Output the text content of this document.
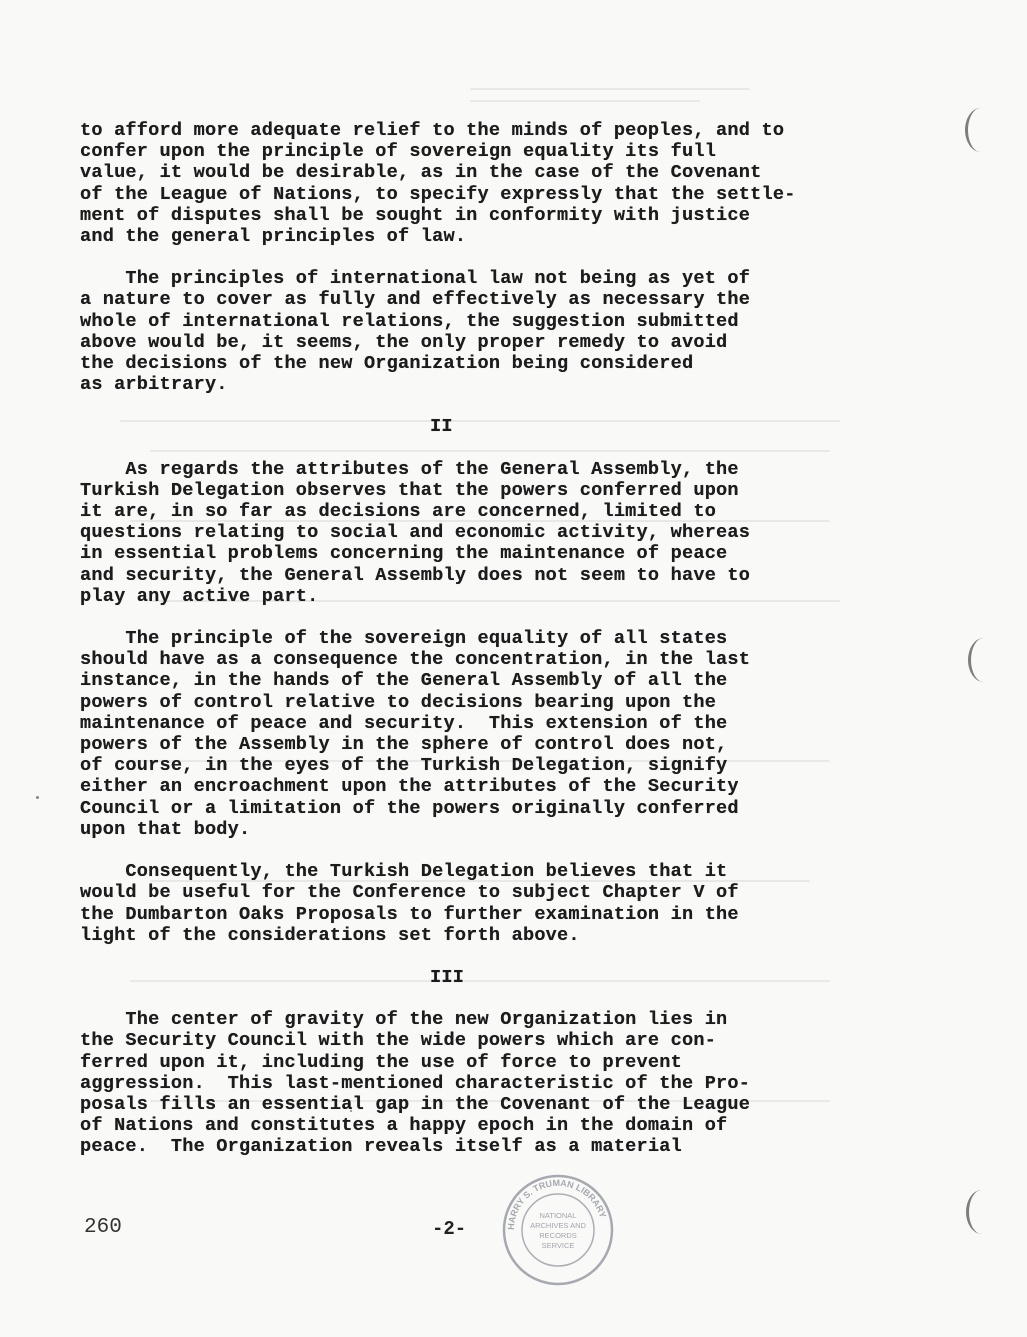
to afford more adequate relief to the minds of peoples, and to
confer upon the principle of sovereign equality its full
value, it would be desirable, as in the case of the Covenant
of the League of Nations, to specify expressly that the settle-
ment of disputes shall be sought in conformity with justice
and the general principles of law.
The principles of international law not being as yet of
a nature to cover as fully and effectively as necessary the
whole of international relations, the suggestion submitted
above would be, it seems, the only proper remedy to avoid
the decisions of the new Organization being considered
as arbitrary.
II
As regards the attributes of the General Assembly, the
Turkish Delegation observes that the powers conferred upon
it are, in so far as decisions are concerned, limited to
questions relating to social and economic activity, whereas
in essential problems concerning the maintenance of peace
and security, the General Assembly does not seem to have to
play any active part.
The principle of the sovereign equality of all states
should have as a consequence the concentration, in the last
instance, in the hands of the General Assembly of all the
powers of control relative to decisions bearing upon the
maintenance of peace and security.  This extension of the
powers of the Assembly in the sphere of control does not,
of course, in the eyes of the Turkish Delegation, signify
either an encroachment upon the attributes of the Security
Council or a limitation of the powers originally conferred
upon that body.
Consequently, the Turkish Delegation believes that it
would be useful for the Conference to subject Chapter V of
the Dumbarton Oaks Proposals to further examination in the
light of the considerations set forth above.
III
The center of gravity of the new Organization lies in
the Security Council with the wide powers which are con-
ferred upon it, including the use of force to prevent
aggression.  This last-mentioned characteristic of the Pro-
posals fills an essential gap in the Covenant of the League
of Nations and constitutes a happy epoch in the domain of
peace.  The Organization reveals itself as a material
260	-2-	HARRY S. TRUMAN LIBRARY
NATIONAL
ARCHIVES AND
RECORDS
SERVICE
